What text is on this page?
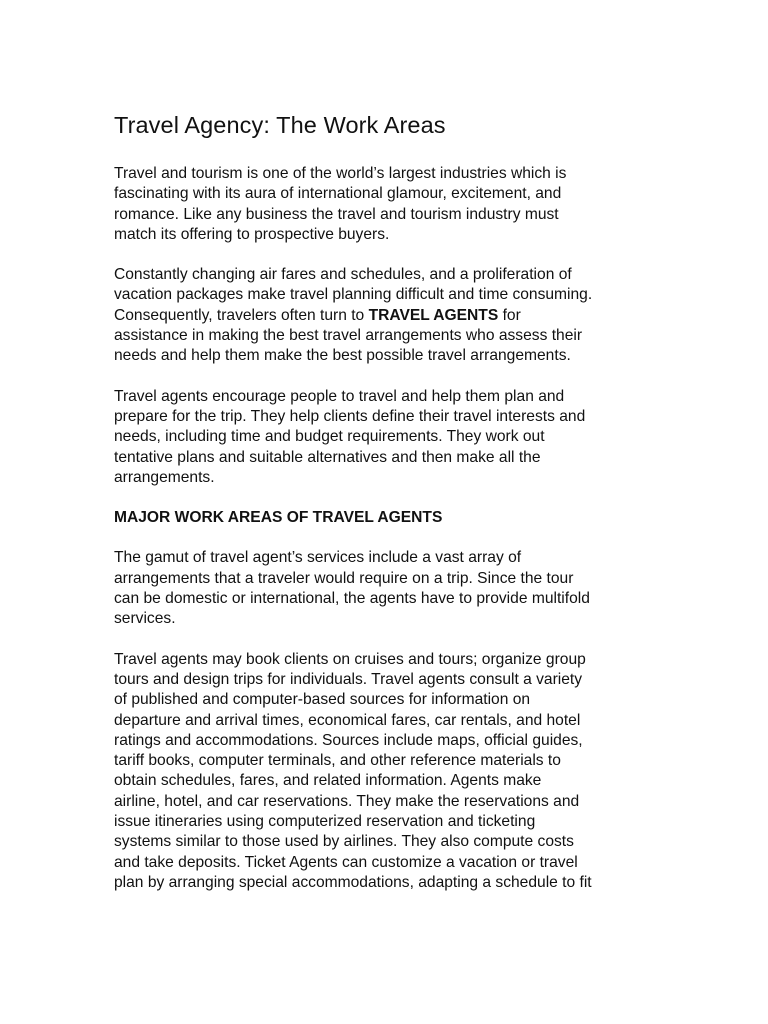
Travel Agency: The Work Areas
Travel and tourism is one of the world’s largest industries which is
fascinating with its aura of international glamour, excitement, and
romance. Like any business the travel and tourism industry must
match its offering to prospective buyers.
Constantly changing air fares and schedules, and a proliferation of
vacation packages make travel planning difficult and time consuming.
Consequently, travelers often turn to TRAVEL AGENTS for
assistance in making the best travel arrangements who assess their
needs and help them make the best possible travel arrangements.
Travel agents encourage people to travel and help them plan and
prepare for the trip. They help clients define their travel interests and
needs, including time and budget requirements. They work out
tentative plans and suitable alternatives and then make all the
arrangements.
MAJOR WORK AREAS OF TRAVEL AGENTS
The gamut of travel agent’s services include a vast array of
arrangements that a traveler would require on a trip. Since the tour
can be domestic or international, the agents have to provide multifold
services.
Travel agents may book clients on cruises and tours; organize group
tours and design trips for individuals. Travel agents consult a variety
of published and computer-based sources for information on
departure and arrival times, economical fares, car rentals, and hotel
ratings and accommodations. Sources include maps, official guides,
tariff books, computer terminals, and other reference materials to
obtain schedules, fares, and related information. Agents make
airline, hotel, and car reservations. They make the reservations and
issue itineraries using computerized reservation and ticketing
systems similar to those used by airlines. They also compute costs
and take deposits. Ticket Agents can customize a vacation or travel
plan by arranging special accommodations, adapting a schedule to fit
